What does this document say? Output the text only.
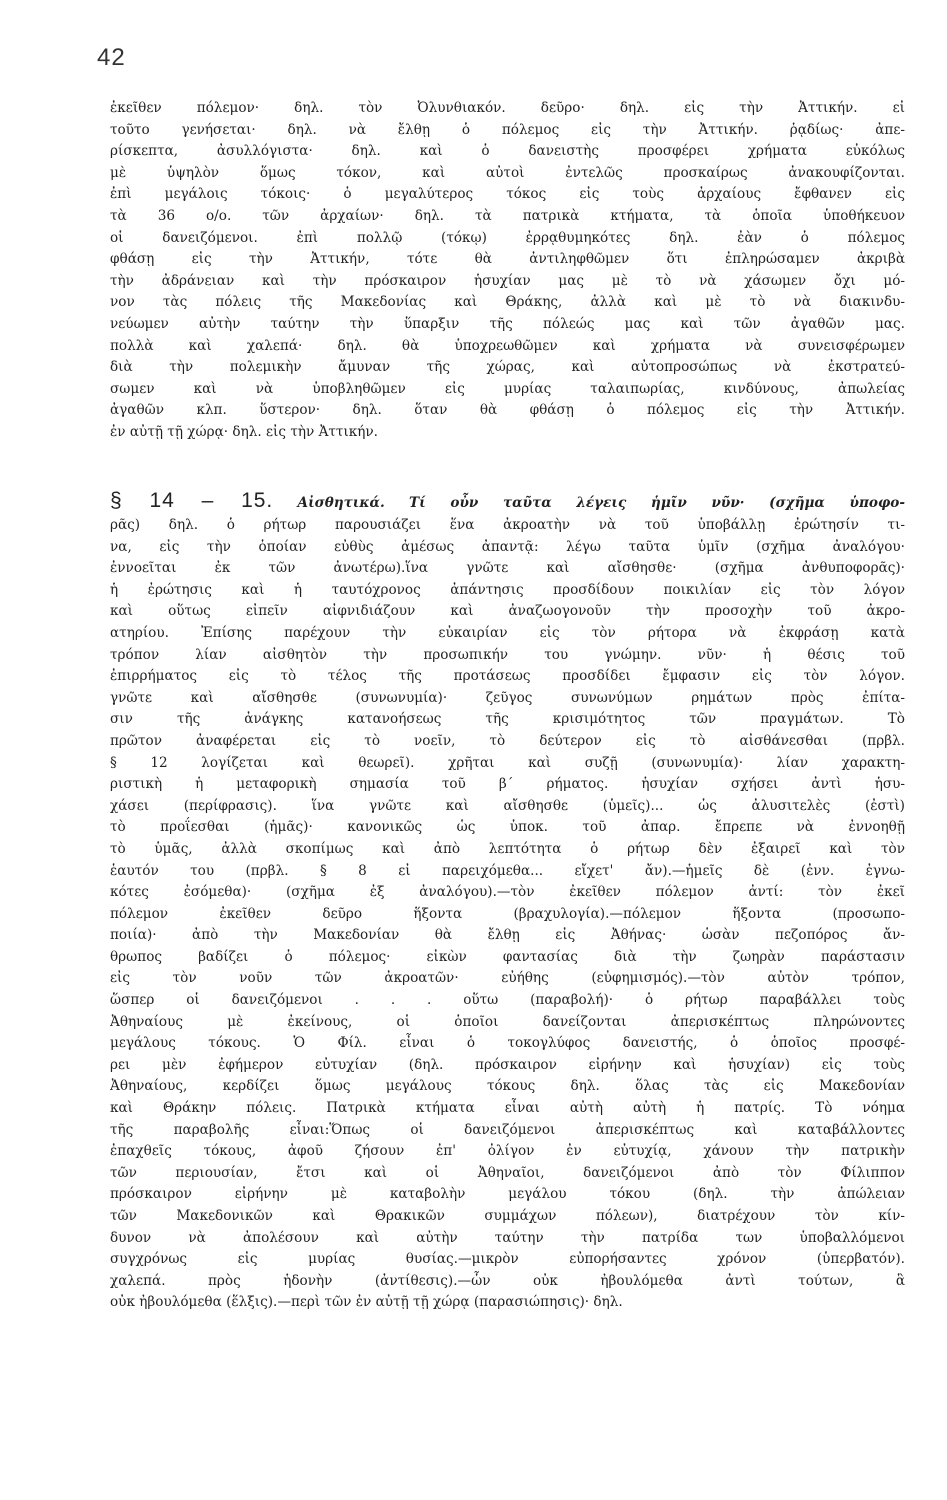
42
ἐκεῖθεν πόλεμον· δηλ. τὸν Ὀλυνθιακόν. δεῦρο· δηλ. εἰς τὴν Ἀττικήν. εἰ
τοῦτο γενήσεται· δηλ. νὰ ἔλθῃ ὁ πόλεμος εἰς τὴν Ἀττικήν. ῥᾳδίως· ἀπε-
ρίσκεπτα, ἀσυλλόγιστα· δηλ. καὶ ὁ δανειστὴς προσφέρει χρήματα εὐκόλως
μὲ ὑψηλὸν ὅμως τόκον, καὶ αὐτοὶ ἐντελῶς προσκαίρως ἀνακουφίζονται.
ἐπὶ μεγάλοις τόκοις· ὁ μεγαλύτερος τόκος εἰς τοὺς ἀρχαίους ἔφθανεν εἰς
τὰ 36 ο/ο. τῶν ἀρχαίων· δηλ. τὰ πατρικὰ κτήματα, τὰ ὁποῖα ὑποθήκευον
οἱ δανειζόμενοι. ἐπὶ πολλῷ (τόκῳ) ἐρρᾳθυμηκότες δηλ. ἐὰν ὁ πόλεμος
φθάσῃ εἰς τὴν Ἀττικήν, τότε θὰ ἀντιληφθῶμεν ὅτι ἐπληρώσαμεν ἀκριβὰ
τὴν ἀδράνειαν καὶ τὴν πρόσκαιρον ἡσυχίαν μας μὲ τὸ νὰ χάσωμεν ὄχι μό-
νον τὰς πόλεις τῆς Μακεδονίας καὶ Θράκης, ἀλλὰ καὶ μὲ τὸ νὰ διακινδυ-
νεύωμεν αὐτὴν ταύτην τὴν ὕπαρξιν τῆς πόλεώς μας καὶ τῶν ἀγαθῶν μας.
πολλὰ καὶ χαλεπά· δηλ. θὰ ὑποχρεωθῶμεν καὶ χρήματα νὰ συνεισφέρωμεν
διὰ τὴν πολεμικὴν ἄμυναν τῆς χώρας, καὶ αὐτοπροσώπως νὰ ἐκστρατεύ-
σωμεν καὶ νὰ ὑποβληθῶμεν εἰς μυρίας ταλαιπωρίας, κινδύνους, ἀπωλείας
ἀγαθῶν κλπ. ὕστερον· δηλ. ὅταν θὰ φθάσῃ ὁ πόλεμος εἰς τὴν Ἀττικήν.
ἐν αὐτῇ τῇ χώρᾳ· δηλ. εἰς τὴν Ἀττικήν.
§ 14 – 15. Αἰσθητικά. Τί οὖν ταῦτα λέγεις ἡμῖν νῦν· (σχῆμα ὑποφο-
ρᾶς) δηλ. ὁ ρήτωρ παρουσιάζει ἕνα ἀκροατὴν νὰ τοῦ ὑποβάλλῃ ἐρώτησίν τι-
να, εἰς τὴν ὁποίαν εὐθὺς ἀμέσως ἀπαντᾷ: λέγω ταῦτα ὑμῖν (σχῆμα ἀναλόγου·
ἐννοεῖται ἐκ τῶν ἀνωτέρω).ἵνα γνῶτε καὶ αἴσθησθε· (σχῆμα ἀνθυποφορᾶς)·
ἡ ἐρώτησις καὶ ἡ ταυτόχρονος ἀπάντησις προσδίδουν ποικιλίαν εἰς τὸν λόγον
καὶ οὕτως εἰπεῖν αἰφνιδιάζουν καὶ ἀναζωογονοῦν τὴν προσοχὴν τοῦ ἀκρο-
ατηρίου. Ἐπίσης παρέχουν τὴν εὐκαιρίαν εἰς τὸν ρήτορα νὰ ἐκφράσῃ κατὰ
τρόπον λίαν αἰσθητὸν τὴν προσωπικήν του γνώμην. νῦν· ἡ θέσις τοῦ
ἐπιρρήματος εἰς τὸ τέλος τῆς προτάσεως προσδίδει ἔμφασιν εἰς τὸν λόγον.
γνῶτε καὶ αἴσθησθε (συνωνυμία)· ζεῦγος συνωνύμων ρημάτων πρὸς ἐπίτα-
σιν τῆς ἀνάγκης κατανοήσεως τῆς κρισιμότητος τῶν πραγμάτων. Τὸ
πρῶτον ἀναφέρεται εἰς τὸ νοεῖν, τὸ δεύτερον εἰς τὸ αἰσθάνεσθαι (πρβλ.
§ 12 λογίζεται καὶ θεωρεῖ). χρῆται καὶ συζῇ (συνωνυμία)· λίαν χαρακτη-
ριστικὴ ἡ μεταφορικὴ σημασία τοῦ β΄ ρήματος. ἡσυχίαν σχήσει ἀντὶ ἡσυ-
χάσει (περίφρασις). ἵνα γνῶτε καὶ αἴσθησθε (ὑμεῖς)... ὡς ἀλυσιτελὲς (ἐστὶ)
τὸ προΐεσθαι (ἡμᾶς)· κανονικῶς ὡς ὑποκ. τοῦ ἀπαρ. ἔπρεπε νὰ ἐννοηθῇ
τὸ ὑμᾶς, ἀλλὰ σκοπίμως καὶ ἀπὸ λεπτότητα ὁ ρήτωρ δὲν ἐξαιρεῖ καὶ τὸν
ἑαυτόν του (πρβλ. § 8 εἰ παρειχόμεθα... εἴχετ' ἄν).—ἡμεῖς δὲ (ἐνν. ἐγνω-
κότες ἐσόμεθα)· (σχῆμα ἐξ ἀναλόγου).—τὸν ἐκεῖθεν πόλεμον ἀντί: τὸν ἐκεῖ
πόλεμον ἐκεῖθεν δεῦρο ἥξοντα (βραχυλογία).—πόλεμον ἥξοντα (προσωπο-
ποιία)· ἀπὸ τὴν Μακεδονίαν θὰ ἔλθῃ εἰς Ἀθήνας· ὡσὰν πεζοπόρος ἄν-
θρωπος βαδίζει ὁ πόλεμος· εἰκὼν φαντασίας διὰ τὴν ζωηρὰν παράστασιν
εἰς τὸν νοῦν τῶν ἀκροατῶν· εὐήθης (εὐφημισμός).—τὸν αὐτὸν τρόπον,
ὥσπερ οἱ δανειζόμενοι . . . οὕτω (παραβολή)· ὁ ρήτωρ παραβάλλει τοὺς
Ἀθηναίους μὲ ἐκείνους, οἱ ὁποῖοι δανείζονται ἀπερισκέπτως πληρώνοντες
μεγάλους τόκους. Ὁ Φίλ. εἶναι ὁ τοκογλύφος δανειστής, ὁ ὁποῖος προσφέ-
ρει μὲν ἐφήμερον εὐτυχίαν (δηλ. πρόσκαιρον εἰρήνην καὶ ἡσυχίαν) εἰς τοὺς
Ἀθηναίους, κερδίζει ὅμως μεγάλους τόκους δηλ. ὅλας τὰς εἰς Μακεδονίαν
καὶ Θράκην πόλεις. Πατρικὰ κτήματα εἶναι αὐτὴ αὐτὴ ἡ πατρίς. Τὸ νόημα
τῆς παραβολῆς εἶναι:Ὅπως οἱ δανειζόμενοι ἀπερισκέπτως καὶ καταβάλλοντες
ἐπαχθεῖς τόκους, ἀφοῦ ζήσουν ἐπ' ὀλίγον ἐν εὐτυχίᾳ, χάνουν τὴν πατρικὴν
τῶν περιουσίαν, ἔτσι καὶ οἱ Ἀθηναῖοι, δανειζόμενοι ἀπὸ τὸν Φίλιππον
πρόσκαιρον εἰρήνην μὲ καταβολὴν μεγάλου τόκου (δηλ. τὴν ἀπώλειαν
τῶν Μακεδονικῶν καὶ Θρακικῶν συμμάχων πόλεων), διατρέχουν τὸν κίν-
δυνον νὰ ἀπολέσουν καὶ αὐτὴν ταύτην τὴν πατρίδα των ὑποβαλλόμενοι
συγχρόνως εἰς μυρίας θυσίας.—μικρὸν εὐπορήσαντες χρόνον (ὑπερβατόν).
χαλεπά. πρὸς ἡδονὴν (ἀντίθεσις).—ὧν οὐκ ἠβουλόμεθα ἀντὶ τούτων, ἃ
οὐκ ἠβουλόμεθα (ἕλξις).—περὶ τῶν ἐν αὐτῇ τῇ χώρᾳ (παρασιώπησις)· δηλ.
